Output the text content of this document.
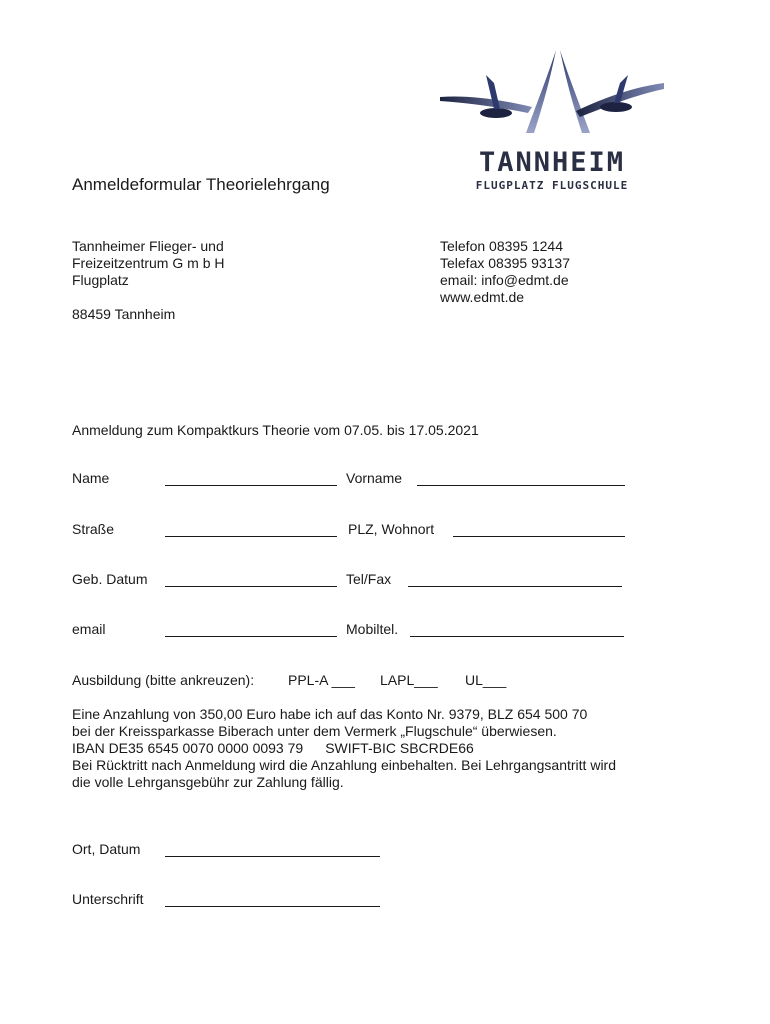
TANNHEIM
FLUGPLATZ FLUGSCHULE
Anmeldeformular Theorielehrgang
Tannheimer Flieger- und
Freizeitzentrum G m b H
Flugplatz
88459 Tannheim
Telefon 08395 1244
Telefax 08395 93137
email: info@edmt.de
www.edmt.de
Anmeldung zum Kompaktkurs Theorie vom 07.05. bis 17.05.2021
Name	Vorname
Straße	PLZ, Wohnort
Geb. Datum	Tel/Fax
email	Mobiltel.
Ausbildung (bitte ankreuzen): PPL-A ___ LAPL___ UL___
Eine Anzahlung von 350,00 Euro habe ich auf das Konto Nr. 9379, BLZ 654 500 70
bei der Kreissparkasse Biberach unter dem Vermerk „Flugschule“ überwiesen.
IBAN DE35 6545 0070 0000 0093 79 SWIFT-BIC SBCRDE66
Bei Rücktritt nach Anmeldung wird die Anzahlung einbehalten. Bei Lehrgangsantritt wird
die volle Lehrgansgebühr zur Zahlung fällig.
Ort, Datum
Unterschrift
